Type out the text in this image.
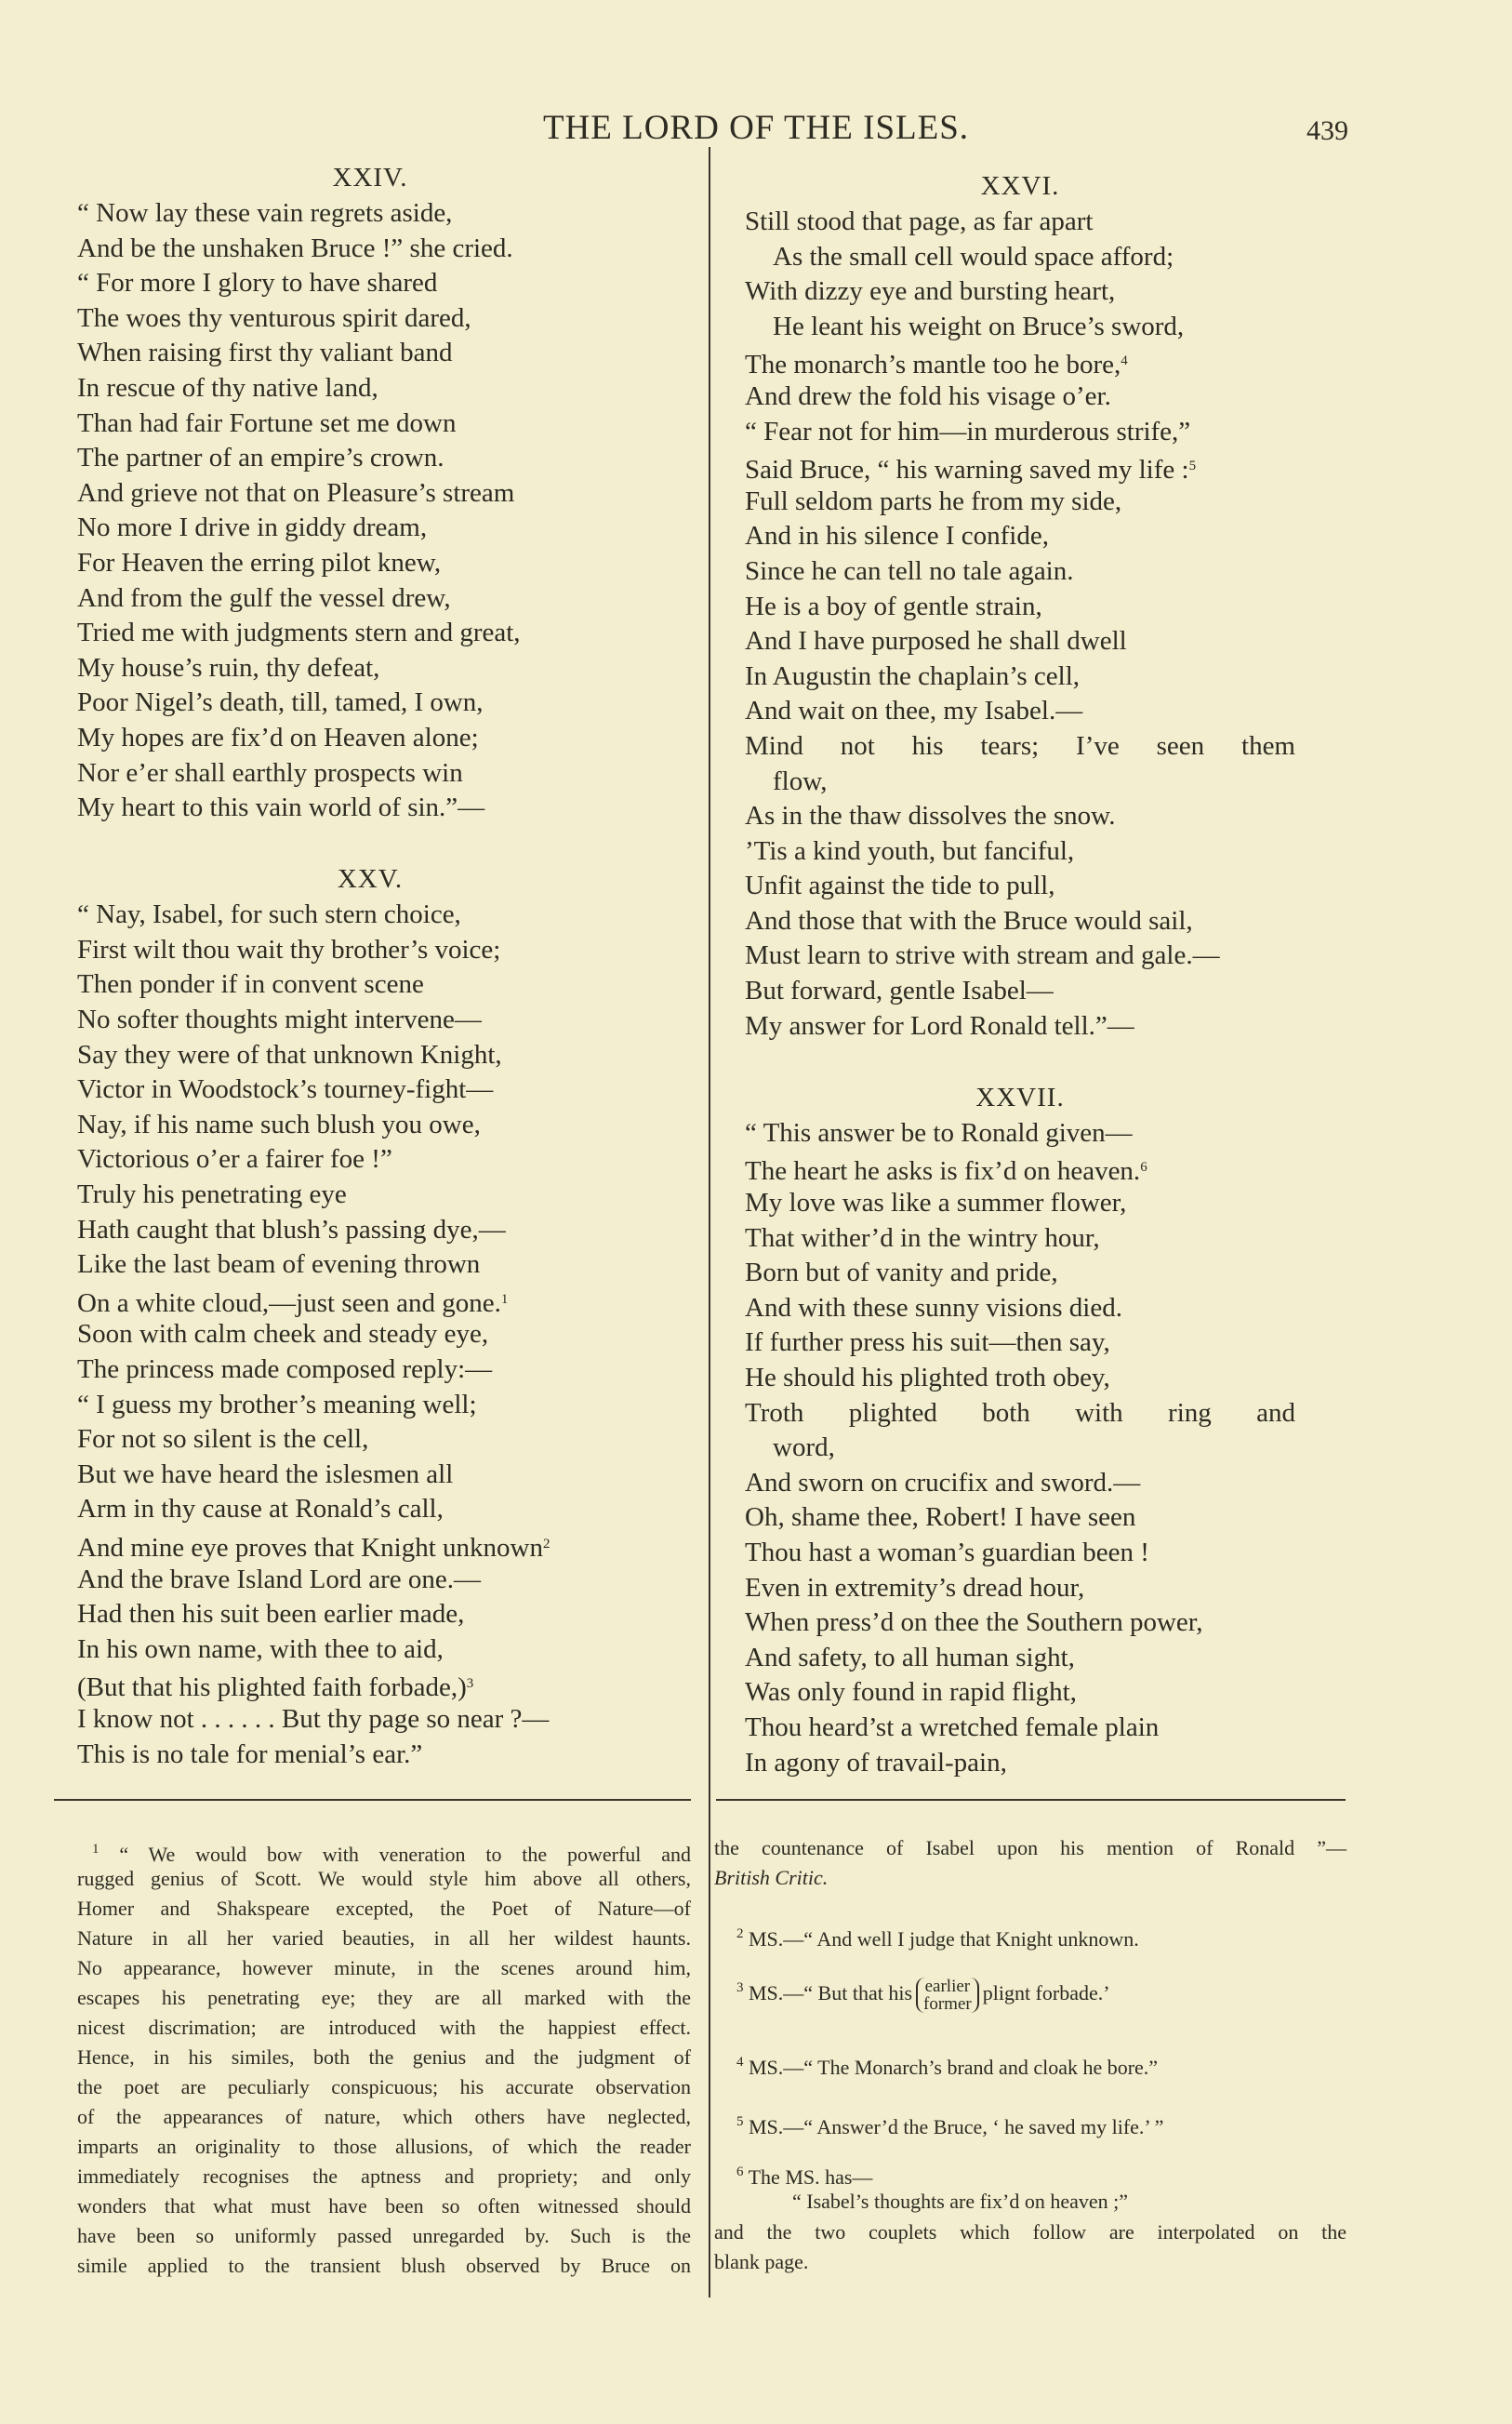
THE LORD OF THE ISLES.	439
XXIV.
“ Now lay these vain regrets aside,
And be the unshaken Bruce !” she cried.
“ For more I glory to have shared
The woes thy venturous spirit dared,
When raising first thy valiant band
In rescue of thy native land,
Than had fair Fortune set me down
The partner of an empire’s crown.
And grieve not that on Pleasure’s stream
No more I drive in giddy dream,
For Heaven the erring pilot knew,
And from the gulf the vessel drew,
Tried me with judgments stern and great,
My house’s ruin, thy defeat,
Poor Nigel’s death, till, tamed, I own,
My hopes are fix’d on Heaven alone;
Nor e’er shall earthly prospects win
My heart to this vain world of sin.”—
XXV.
“ Nay, Isabel, for such stern choice,
First wilt thou wait thy brother’s voice;
Then ponder if in convent scene
No softer thoughts might intervene—
Say they were of that unknown Knight,
Victor in Woodstock’s tourney-fight—
Nay, if his name such blush you owe,
Victorious o’er a fairer foe !”
Truly his penetrating eye
Hath caught that blush’s passing dye,—
Like the last beam of evening thrown
On a white cloud,—just seen and gone.$^1$
Soon with calm cheek and steady eye,
The princess made composed reply:—
“ I guess my brother’s meaning well;
For not so silent is the cell,
But we have heard the islesmen all
Arm in thy cause at Ronald’s call,
And mine eye proves that Knight unknown$^2$
And the brave Island Lord are one.—
Had then his suit been earlier made,
In his own name, with thee to aid,
(But that his plighted faith forbade,)$^3$
I know not . . . . . . But thy page so near ?—
This is no tale for menial’s ear.”
XXVI.
Still stood that page, as far apart
As the small cell would space afford;
With dizzy eye and bursting heart,
He leant his weight on Bruce’s sword,
The monarch’s mantle too he bore,$^4$
And drew the fold his visage o’er.
“ Fear not for him—in murderous strife,”
Said Bruce, “ his warning saved my life :$^5$
Full seldom parts he from my side,
And in his silence I confide,
Since he can tell no tale again.
He is a boy of gentle strain,
And I have purposed he shall dwell
In Augustin the chaplain’s cell,
And wait on thee, my Isabel.—
Mind not his tears; I’ve seen them
flow,
As in the thaw dissolves the snow.
’Tis a kind youth, but fanciful,
Unfit against the tide to pull,
And those that with the Bruce would sail,
Must learn to strive with stream and gale.—
But forward, gentle Isabel—
My answer for Lord Ronald tell.”—
XXVII.
“ This answer be to Ronald given—
The heart he asks is fix’d on heaven.$^6$
My love was like a summer flower,
That wither’d in the wintry hour,
Born but of vanity and pride,
And with these sunny visions died.
If further press his suit—then say,
He should his plighted troth obey,
Troth plighted both with ring and
word,
And sworn on crucifix and sword.—
Oh, shame thee, Robert! I have seen
Thou hast a woman’s guardian been !
Even in extremity’s dread hour,
When press’d on thee the Southern power,
And safety, to all human sight,
Was only found in rapid flight,
Thou heard’st a wretched female plain
In agony of travail-pain,
$^1$ “ We would bow with veneration to the powerful and
rugged genius of Scott. We would style him above all others,
Homer and Shakspeare excepted, the Poet of Nature—of
Nature in all her varied beauties, in all her wildest haunts.
No appearance, however minute, in the scenes around him,
escapes his penetrating eye; they are all marked with the
nicest discrimation; are introduced with the happiest effect.
Hence, in his similes, both the genius and the judgment of
the poet are peculiarly conspicuous; his accurate observation
of the appearances of nature, which others have neglected,
imparts an originality to those allusions, of which the reader
immediately recognises the aptness and propriety; and only
wonders that what must have been so often witnessed should
have been so uniformly passed unregarded by. Such is the
simile applied to the transient blush observed by Bruce on
the countenance of Isabel upon his mention of Ronald ”—
British Critic.
$^2$ MS.—“ And well I judge that Knight unknown.
$^3$ MS.—“ But that his earlier
former plignt forbade.’
$^4$ MS.—“ The Monarch’s brand and cloak he bore.”
$^5$ MS.—“ Answer’d the Bruce, ‘ he saved my life.’ ”
$^6$ The MS. has—
“ Isabel’s thoughts are fix’d on heaven ;”
and the two couplets which follow are interpolated on the
blank page.
